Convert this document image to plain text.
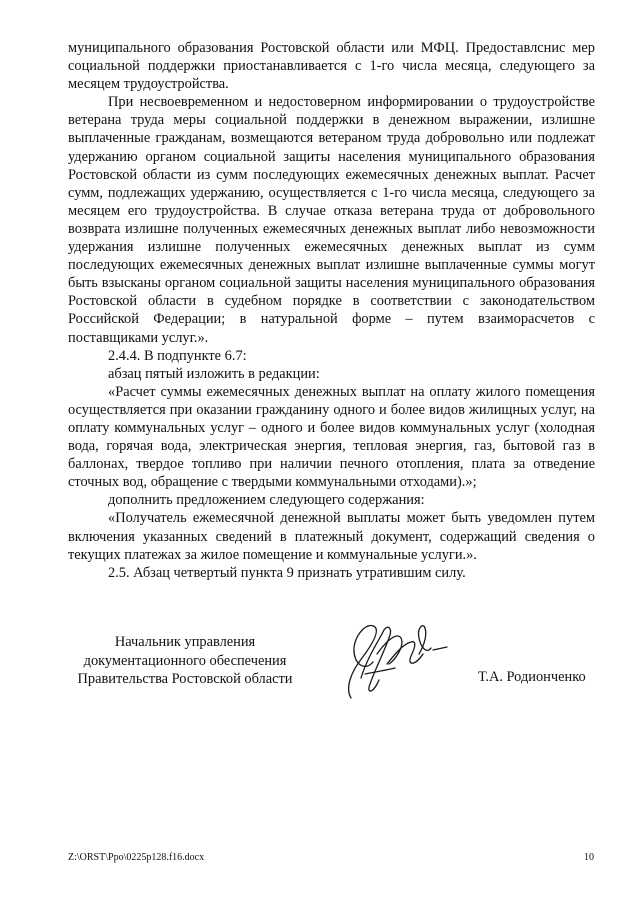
муниципального образования Ростовской области или МФЦ. Предоставлснис мер социальной поддержки приостанавливается с 1-го числа месяца, следующего за месяцем трудоустройства.

При несвоевременном и недостоверном информировании о трудоустройстве ветерана труда меры социальной поддержки в денежном выражении, излишне выплаченные гражданам, возмещаются ветераном труда добровольно или подлежат удержанию органом социальной защиты населения муниципального образования Ростовской области из сумм последующих ежемесячных денежных выплат. Расчет сумм, подлежащих удержанию, осуществляется с 1-го числа месяца, следующего за месяцем его трудоустройства. В случае отказа ветерана труда от добровольного возврата излишне полученных ежемесячных денежных выплат либо невозможности удержания излишне полученных ежемесячных денежных выплат из сумм последующих ежемесячных денежных выплат излишне выплаченные суммы могут быть взысканы органом социальной защиты населения муниципального образования Ростовской области в судебном порядке в соответствии с законодательством Российской Федерации; в натуральной форме – путем взаиморасчетов с поставщиками услуг.».

2.4.4. В подпункте 6.7:

абзац пятый изложить в редакции:

«Расчет суммы ежемесячных денежных выплат на оплату жилого помещения осуществляется при оказании гражданину одного и более видов жилищных услуг, на оплату коммунальных услуг – одного и более видов коммунальных услуг (холодная вода, горячая вода, электрическая энергия, тепловая энергия, газ, бытовой газ в баллонах, твердое топливо при наличии печного отопления, плата за отведение сточных вод, обращение с твердыми коммунальными отходами).»;

дополнить предложением следующего содержания:

«Получатель ежемесячной денежной выплаты может быть уведомлен путем включения указанных сведений в платежный документ, содержащий сведения о текущих платежах за жилое помещение и коммунальные услуги.».

2.5. Абзац четвертый пункта 9 признать утратившим силу.

Начальник управления
документационного обеспечения
Правительства Ростовской области	Т.А. Родионченко
Z:\ORST\Ppo\0225p128.f16.docx	10
